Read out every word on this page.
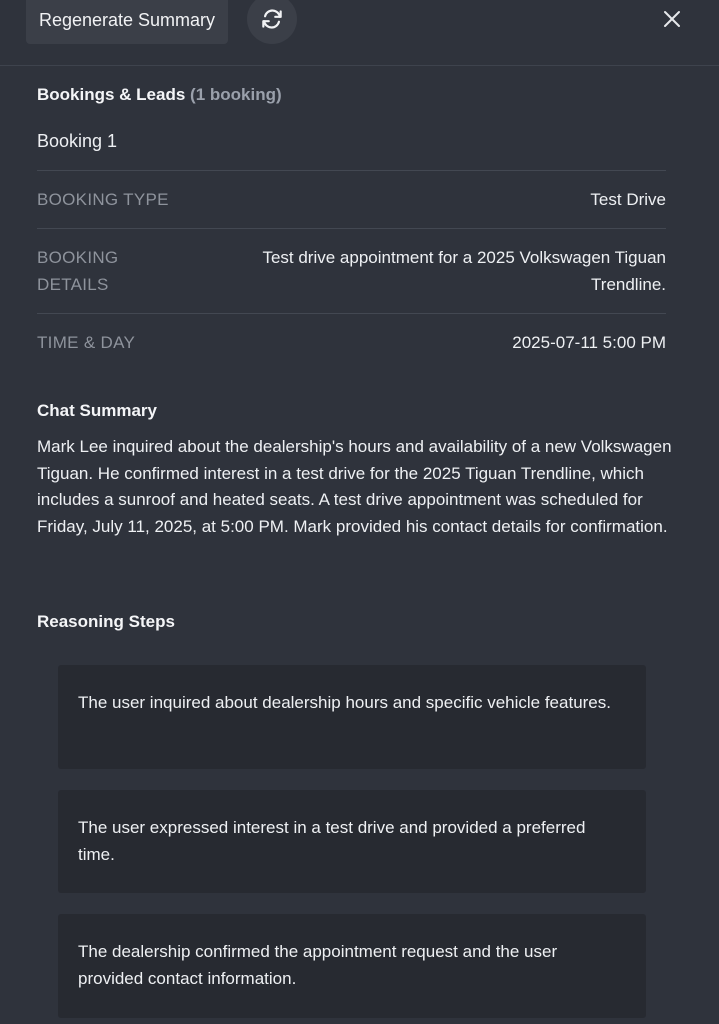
Regenerate Summary
Bookings & Leads (1 booking)
Booking 1
BOOKING TYPE	Test Drive
BOOKING DETAILS
Test drive appointment for a 2025 Volkswagen Tiguan Trendline.
TIME & DAY	2025-07-11 5:00 PM
Chat Summary
Mark Lee inquired about the dealership's hours and availability of a new Volkswagen Tiguan. He confirmed interest in a test drive for the 2025 Tiguan Trendline, which includes a sunroof and heated seats. A test drive appointment was scheduled for Friday, July 11, 2025, at 5:00 PM. Mark provided his contact details for confirmation.
Reasoning Steps
The user inquired about dealership hours and specific vehicle features.
The user expressed interest in a test drive and provided a preferred time.
The dealership confirmed the appointment request and the user provided contact information.
